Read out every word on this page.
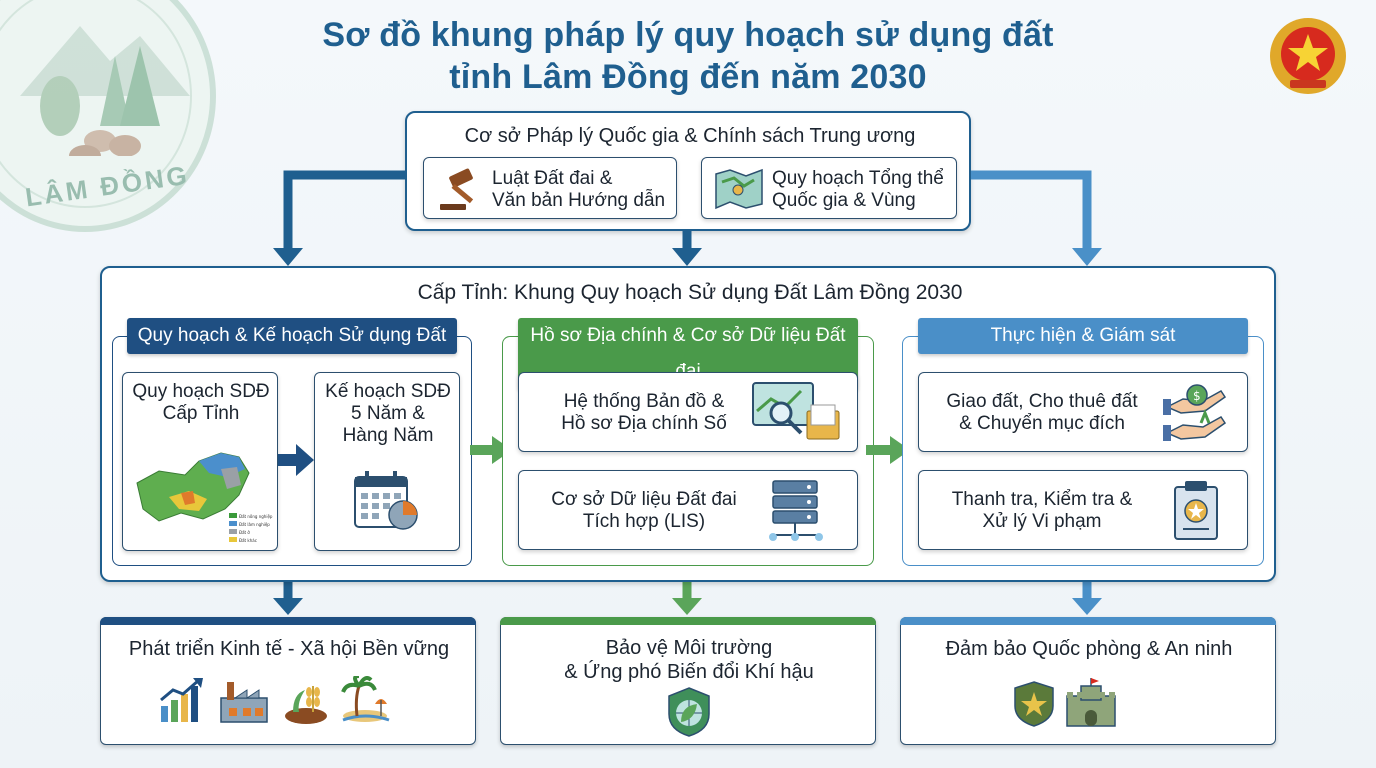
LÂM ĐỒNG
Sơ đồ khung pháp lý quy hoạch sử dụng đất
tỉnh Lâm Đồng đến năm 2030
Cơ sở Pháp lý Quốc gia & Chính sách Trung ương
Luật Đất đai &
Văn bản Hướng dẫn
Quy hoạch Tổng thể
Quốc gia & Vùng
Cấp Tỉnh: Khung Quy hoạch Sử dụng Đất Lâm Đồng 2030
Quy hoạch & Kế hoạch Sử dụng Đất
Quy hoạch SDĐ
Cấp Tỉnh
Đất nông nghiệp
Đất lâm nghiệp
Đất ở
Đất khác
Kế hoạch SDĐ
5 Năm &
Hàng Năm
Hồ sơ Địa chính & Cơ sở Dữ liệu Đất
Hệ thống Bản đồ &
Hồ sơ Địa chính Số
Cơ sở Dữ liệu Đất đai
Tích hợp (LIS)
Thực hiện & Giám sát
Giao đất, Cho thuê đất
& Chuyển mục đích
$
Thanh tra, Kiểm tra &
Xử lý Vi phạm
Phát triển Kinh tế - Xã hội Bền vững	Bảo vệ Môi trường
& Ứng phó Biến đổi Khí hậu
Đảm bảo Quốc phòng & An ninh
